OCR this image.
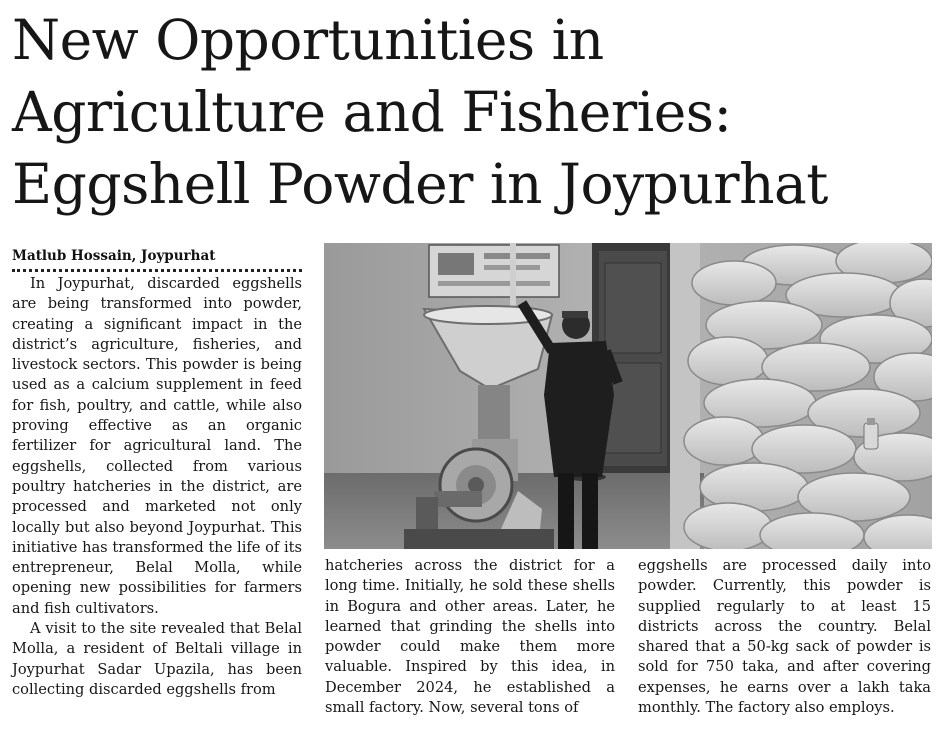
New Opportunities in
Agriculture and Fisheries:
Eggshell Powder in Joypurhat
Matlub Hossain, Joypurhat

In Joypurhat, discarded eggshells are being transformed into powder, creating a significant impact in the district’s agriculture, fisheries, and livestock sectors. This powder is being used as a calcium supplement in feed for fish, poultry, and cattle, while also proving effective as an organic fertilizer for agricultural land. The eggshells, collected from various poultry hatcheries in the district, are processed and marketed not only locally but also beyond Joypurhat. This initiative has transformed the life of its entrepreneur, Belal Molla, while opening new possibilities for farmers and fish cultivators.

A visit to the site revealed that Belal Molla, a resident of Beltali village in Joypurhat Sadar Upazila, has been collecting discarded eggshells from

hatcheries across the district for a long time. Initially, he sold these shells in Bogura and other areas. Later, he learned that grinding the shells into powder could make them more valuable. Inspired by this idea, in December 2024, he established a small factory. Now, several tons of

eggshells are processed daily into powder. Currently, this powder is supplied regularly to at least 15 districts across the country. Belal shared that a 50-kg sack of powder is sold for 750 taka, and after covering expenses, he earns over a lakh taka monthly. The factory also employs.
